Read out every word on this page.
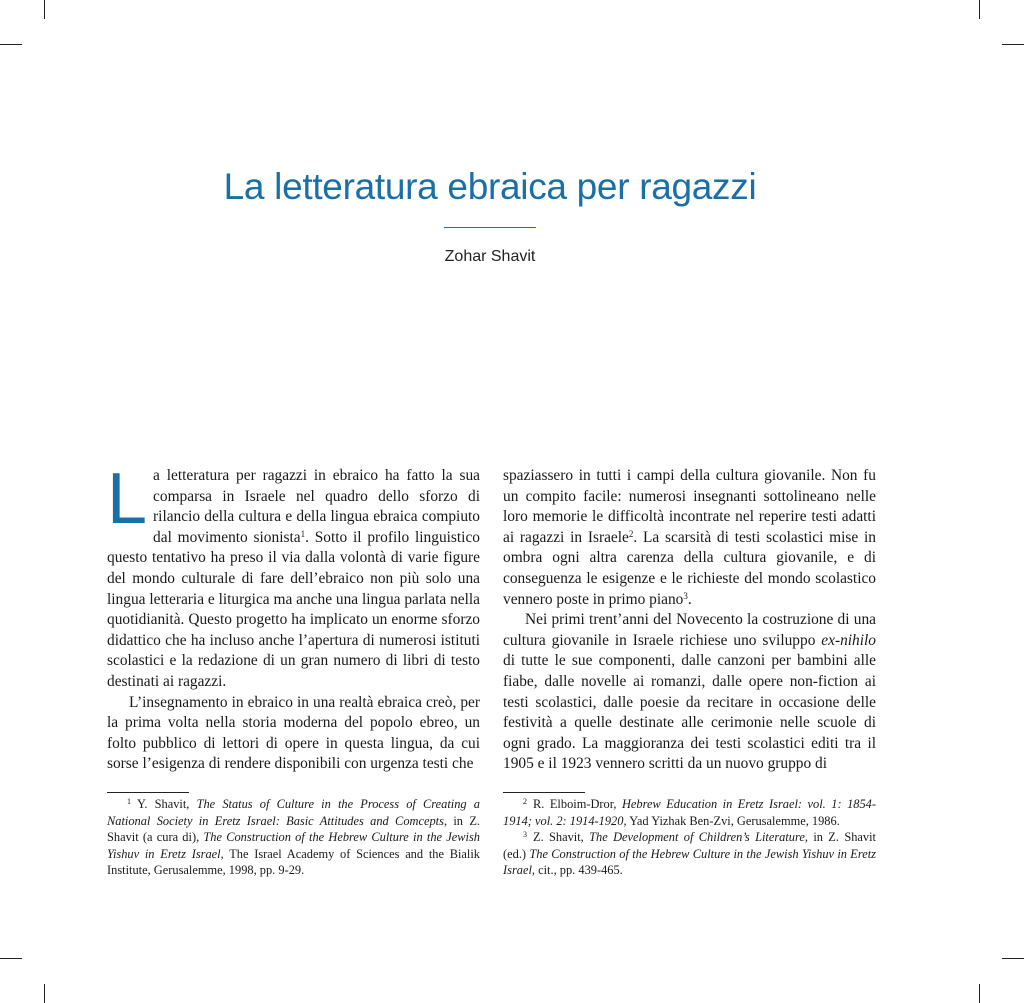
La letteratura ebraica per ragazzi
Zohar Shavit

La letteratura per ragazzi in ebraico ha fatto la sua comparsa in Israele nel quadro dello sforzo di rilancio della cultura e della lingua ebraica compiuto dal movimento sionista$^1$. Sotto il profilo linguistico questo tentativo ha preso il via dalla volontà di varie figure del mondo culturale di fare dell’ebraico non più solo una lingua letteraria e liturgica ma anche una lingua parlata nella quotidianità. Questo progetto ha implicato un enorme sforzo didattico che ha incluso anche l’apertura di numerosi istituti scolastici e la redazione di un gran numero di libri di testo destinati ai ragazzi.

L’insegnamento in ebraico in una realtà ebraica creò, per la prima volta nella storia moderna del popolo ebreo, un folto pubblico di lettori di opere in questa lingua, da cui sorse l’esigenza di rendere disponibili con urgenza testi che

spaziassero in tutti i campi della cultura giovanile. Non fu un compito facile: numerosi insegnanti sottolineano nelle loro memorie le difficoltà incontrate nel reperire testi adatti ai ragazzi in Israele$^2$. La scarsità di testi scolastici mise in ombra ogni altra carenza della cultura giovanile, e di conseguenza le esigenze e le richieste del mondo scolastico vennero poste in primo piano$^3$.

Nei primi trent’anni del Novecento la costruzione di una cultura giovanile in Israele richiese uno sviluppo ex-nihilo di tutte le sue componenti, dalle canzoni per bambini alle fiabe, dalle novelle ai romanzi, dalle opere non-fiction ai testi scolastici, dalle poesie da recitare in occasione delle festività a quelle destinate alle cerimonie nelle scuole di ogni grado. La maggioranza dei testi scolastici editi tra il 1905 e il 1923 vennero scritti da un nuovo gruppo di

$^1$ Y. Shavit, The Status of Culture in the Process of Creating a National Society in Eretz Israel: Basic Attitudes and Comcepts, in Z. Shavit (a cura di), The Construction of the Hebrew Culture in the Jewish Yishuv in Eretz Israel, The Israel Academy of Sciences and the Bialik Institute, Gerusalemme, 1998, pp. 9-29.

$^2$ R. Elboim-Dror, Hebrew Education in Eretz Israel: vol. 1: 1854-1914; vol. 2: 1914-1920, Yad Yizhak Ben-Zvi, Gerusalemme, 1986.

$^3$ Z. Shavit, The Development of Children’s Literature, in Z. Shavit (ed.) The Construction of the Hebrew Culture in the Jewish Yishuv in Eretz Israel, cit., pp. 439-465.
